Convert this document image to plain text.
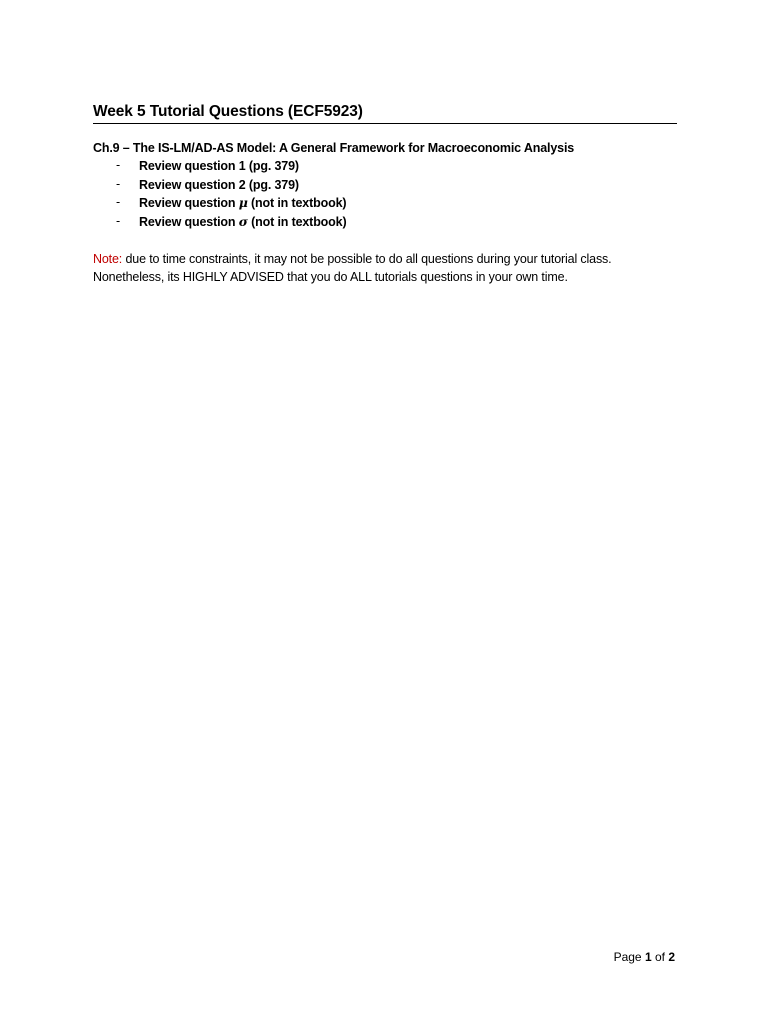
Week 5 Tutorial Questions (ECF5923)
Ch.9 – The IS-LM/AD-AS Model: A General Framework for Macroeconomic Analysis
- Review question 1 (pg. 379)
- Review question 2 (pg. 379)
- Review question μ (not in textbook)
- Review question σ (not in textbook)
Note: due to time constraints, it may not be possible to do all questions during your tutorial class.
Nonetheless, its HIGHLY ADVISED that you do ALL tutorials questions in your own time.
Page 1 of 2
